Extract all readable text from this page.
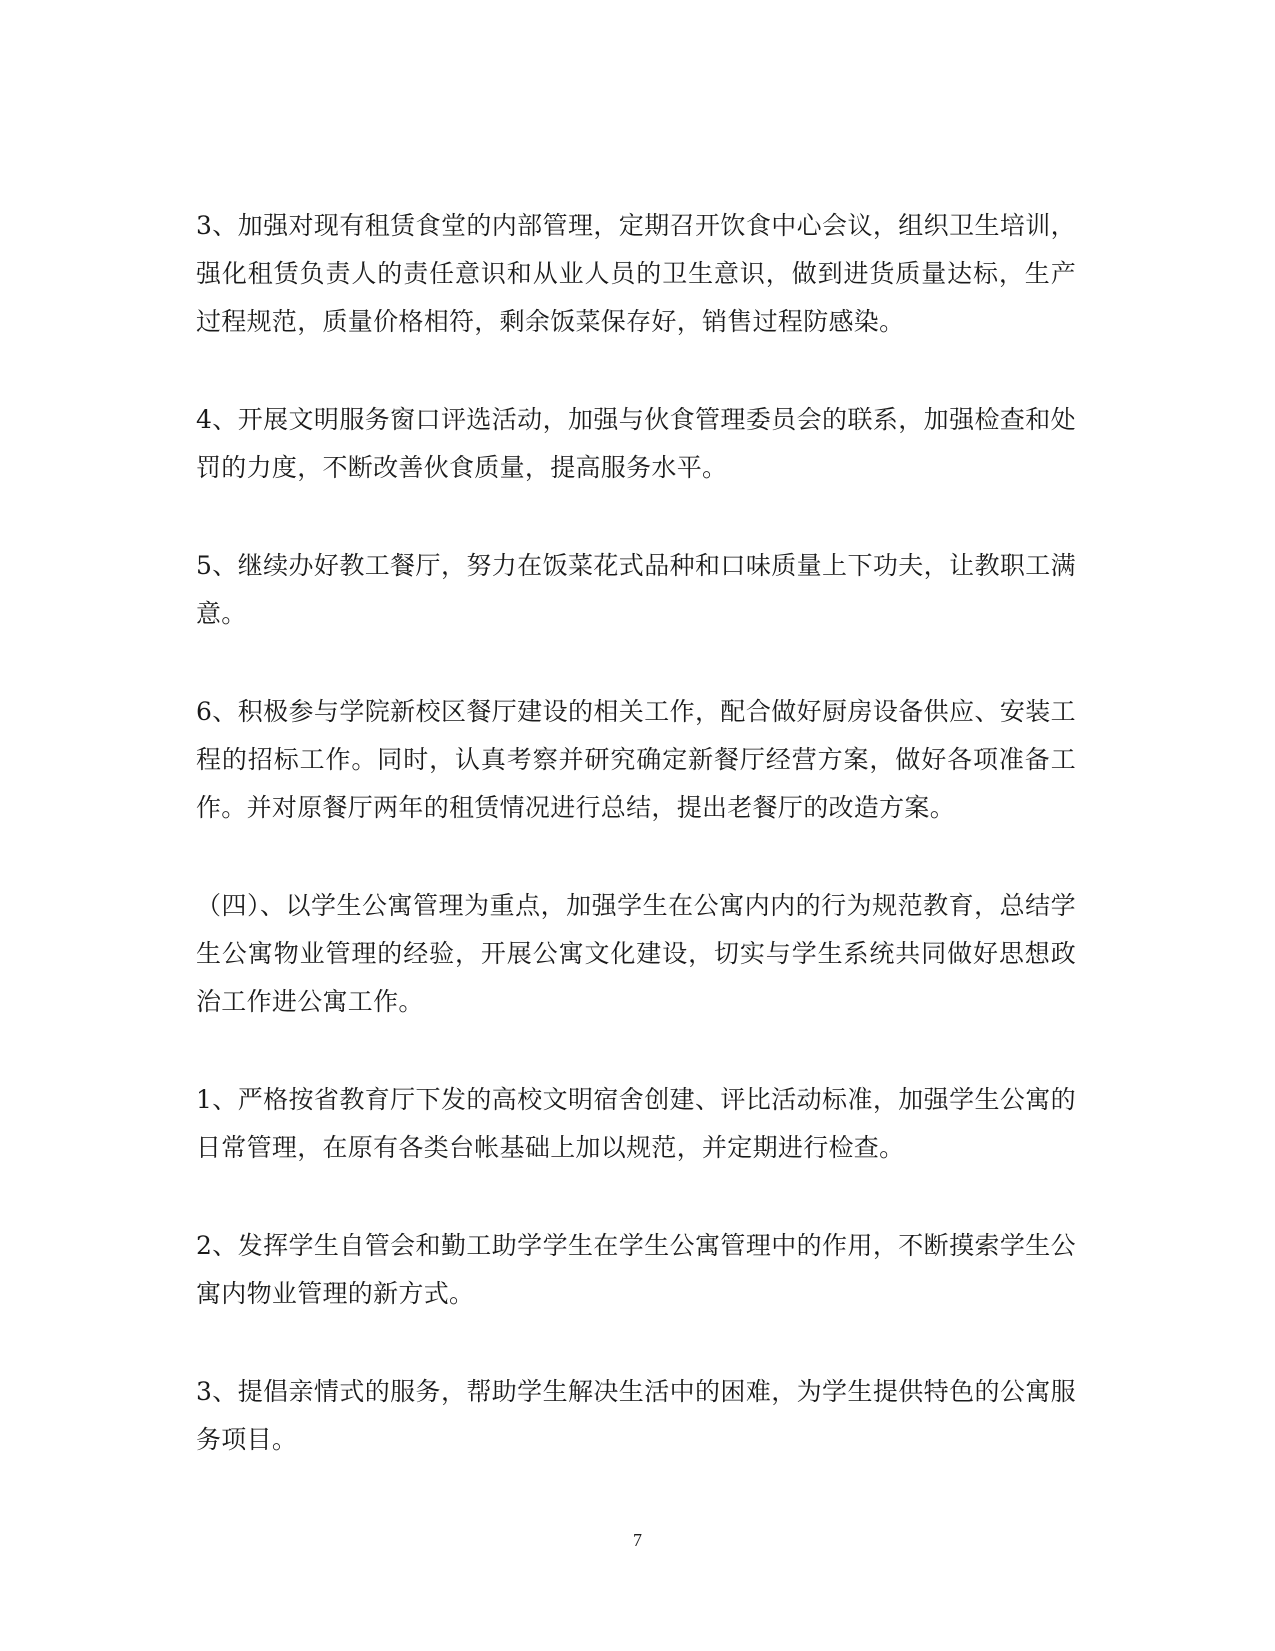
3、加强对现有租赁食堂的内部管理，定期召开饮食中心会议，组织卫生培训，强化租赁负责人的责任意识和从业人员的卫生意识，做到进货质量达标，生产过程规范，质量价格相符，剩余饭菜保存好，销售过程防感染。

4、开展文明服务窗口评选活动，加强与伙食管理委员会的联系，加强检查和处罚的力度，不断改善伙食质量，提高服务水平。

5、继续办好教工餐厅，努力在饭菜花式品种和口味质量上下功夫，让教职工满意。

6、积极参与学院新校区餐厅建设的相关工作，配合做好厨房设备供应、安装工程的招标工作。同时，认真考察并研究确定新餐厅经营方案，做好各项准备工作。并对原餐厅两年的租赁情况进行总结，提出老餐厅的改造方案。

（四）、以学生公寓管理为重点，加强学生在公寓内内的行为规范教育，总结学生公寓物业管理的经验，开展公寓文化建设，切实与学生系统共同做好思想政治工作进公寓工作。

1、严格按省教育厅下发的高校文明宿舍创建、评比活动标准，加强学生公寓的日常管理，在原有各类台帐基础上加以规范，并定期进行检查。

2、发挥学生自管会和勤工助学学生在学生公寓管理中的作用，不断摸索学生公寓内物业管理的新方式。

3、提倡亲情式的服务，帮助学生解决生活中的困难，为学生提供特色的公寓服务项目。

7
